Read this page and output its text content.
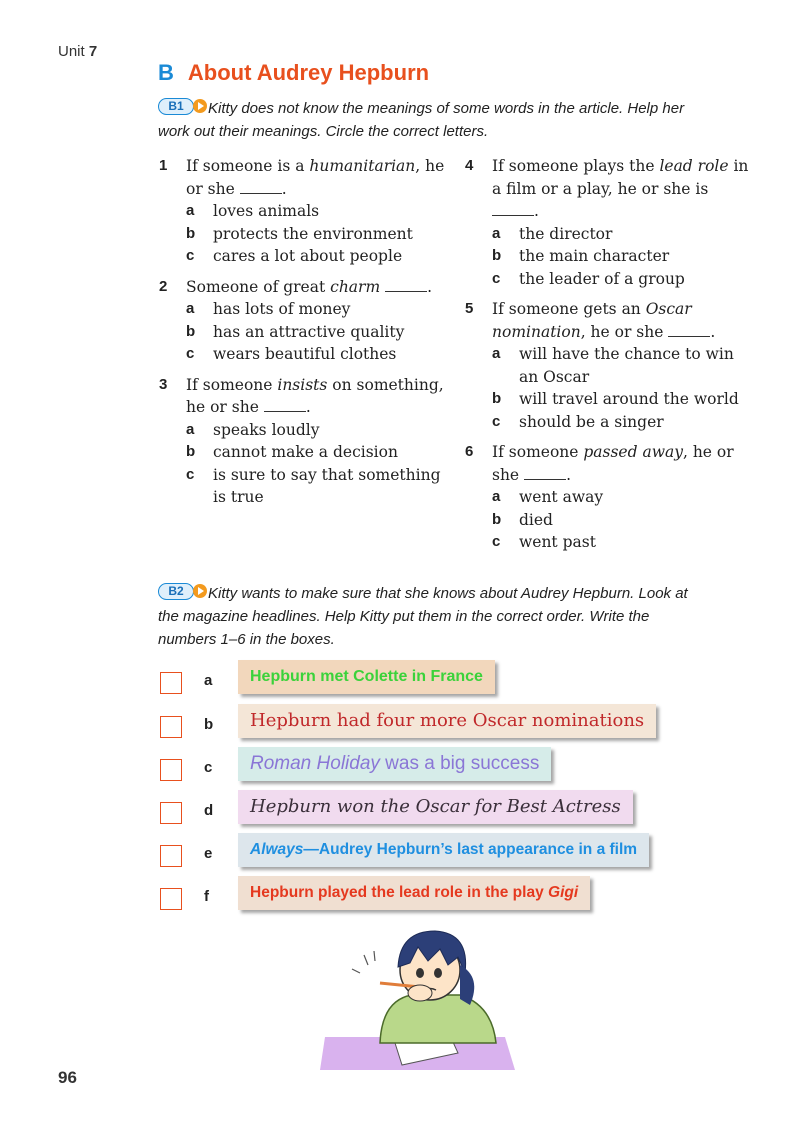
Unit 7
B About Audrey Hepburn
B1	Kitty does not know the meanings of some words in the article. Help her
work out their meanings. Circle the correct letters.
1 If someone is a humanitarian, he or she	.
a loves animals
b protects the environment
c cares a lot about people
2 Someone of great charm	.
a has lots of money
b has an attractive quality
c wears beautiful clothes
3 If someone insists on something, he or she	.
a speaks loudly
b cannot make a decision
c is sure to say that something is true
4 If someone plays the lead role in a film or a play, he or she is .
a the director
b the main character
c the leader of a group
5 If someone gets an Oscar nomination, he or she	.
a will have the chance to win an Oscar
b will travel around the world
c should be a singer
6 If someone passed away, he or she	.
a went away
b died
c went past
B2	Kitty wants to make sure that she knows about Audrey Hepburn. Look at
the magazine headlines. Help Kitty put them in the correct order. Write the
numbers 1–6 in the boxes.
a	Hepburn met Colette in France
b	Hepburn had four more Oscar nominations
c	Roman Holiday was a big success
d	Hepburn won the Oscar for Best Actress
e	Always—Audrey Hepburn’s last appearance in a film
f	Hepburn played the lead role in the play Gigi
96
